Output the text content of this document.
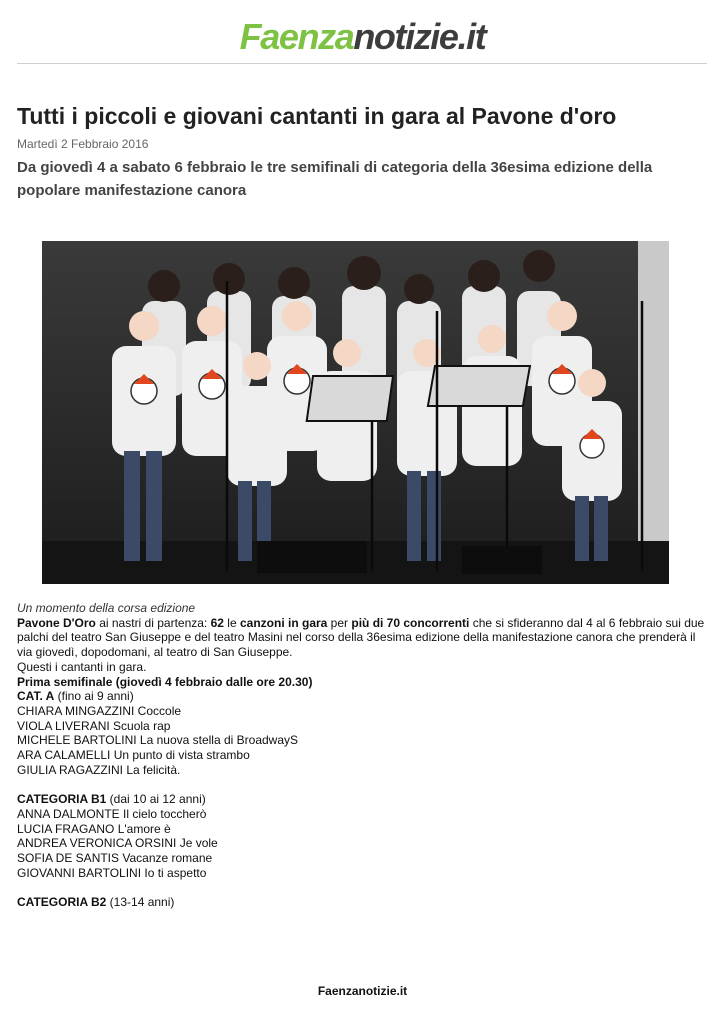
Faenzanotizie.it
Tutti i piccoli e giovani cantanti in gara al Pavone d'oro
Martedì 2 Febbraio 2016
Da giovedì 4 a sabato 6 febbraio le tre semifinali di categoria della 36esima edizione della popolare manifestazione canora

Un momento della corsa edizione

Pavone D'Oro ai nastri di partenza: 62 le canzoni in gara per più di 70 concorrenti che si sfideranno dal 4 al 6 febbraio sui due palchi del teatro San Giuseppe e del teatro Masini nel corso della 36esima edizione della manifestazione canora che prenderà il via giovedì, dopodomani, al teatro di San Giuseppe.

Questi i cantanti in gara.

Prima semifinale (giovedì 4 febbraio dalle ore 20.30)

CAT. A (fino ai 9 anni)

CHIARA MINGAZZINI Coccole

VIOLA LIVERANI Scuola rap

MICHELE BARTOLINI La nuova stella di BroadwayS

ARA CALAMELLI Un punto di vista strambo

GIULIA RAGAZZINI La felicità.

CATEGORIA B1 (dai 10 ai 12 anni)

ANNA DALMONTE Il cielo toccherò

LUCIA FRAGANO L'amore è

ANDREA VERONICA ORSINI Je vole

SOFIA DE SANTIS Vacanze romane

GIOVANNI BARTOLINI Io ti aspetto

CATEGORIA B2 (13-14 anni)

Faenzanotizie.it
